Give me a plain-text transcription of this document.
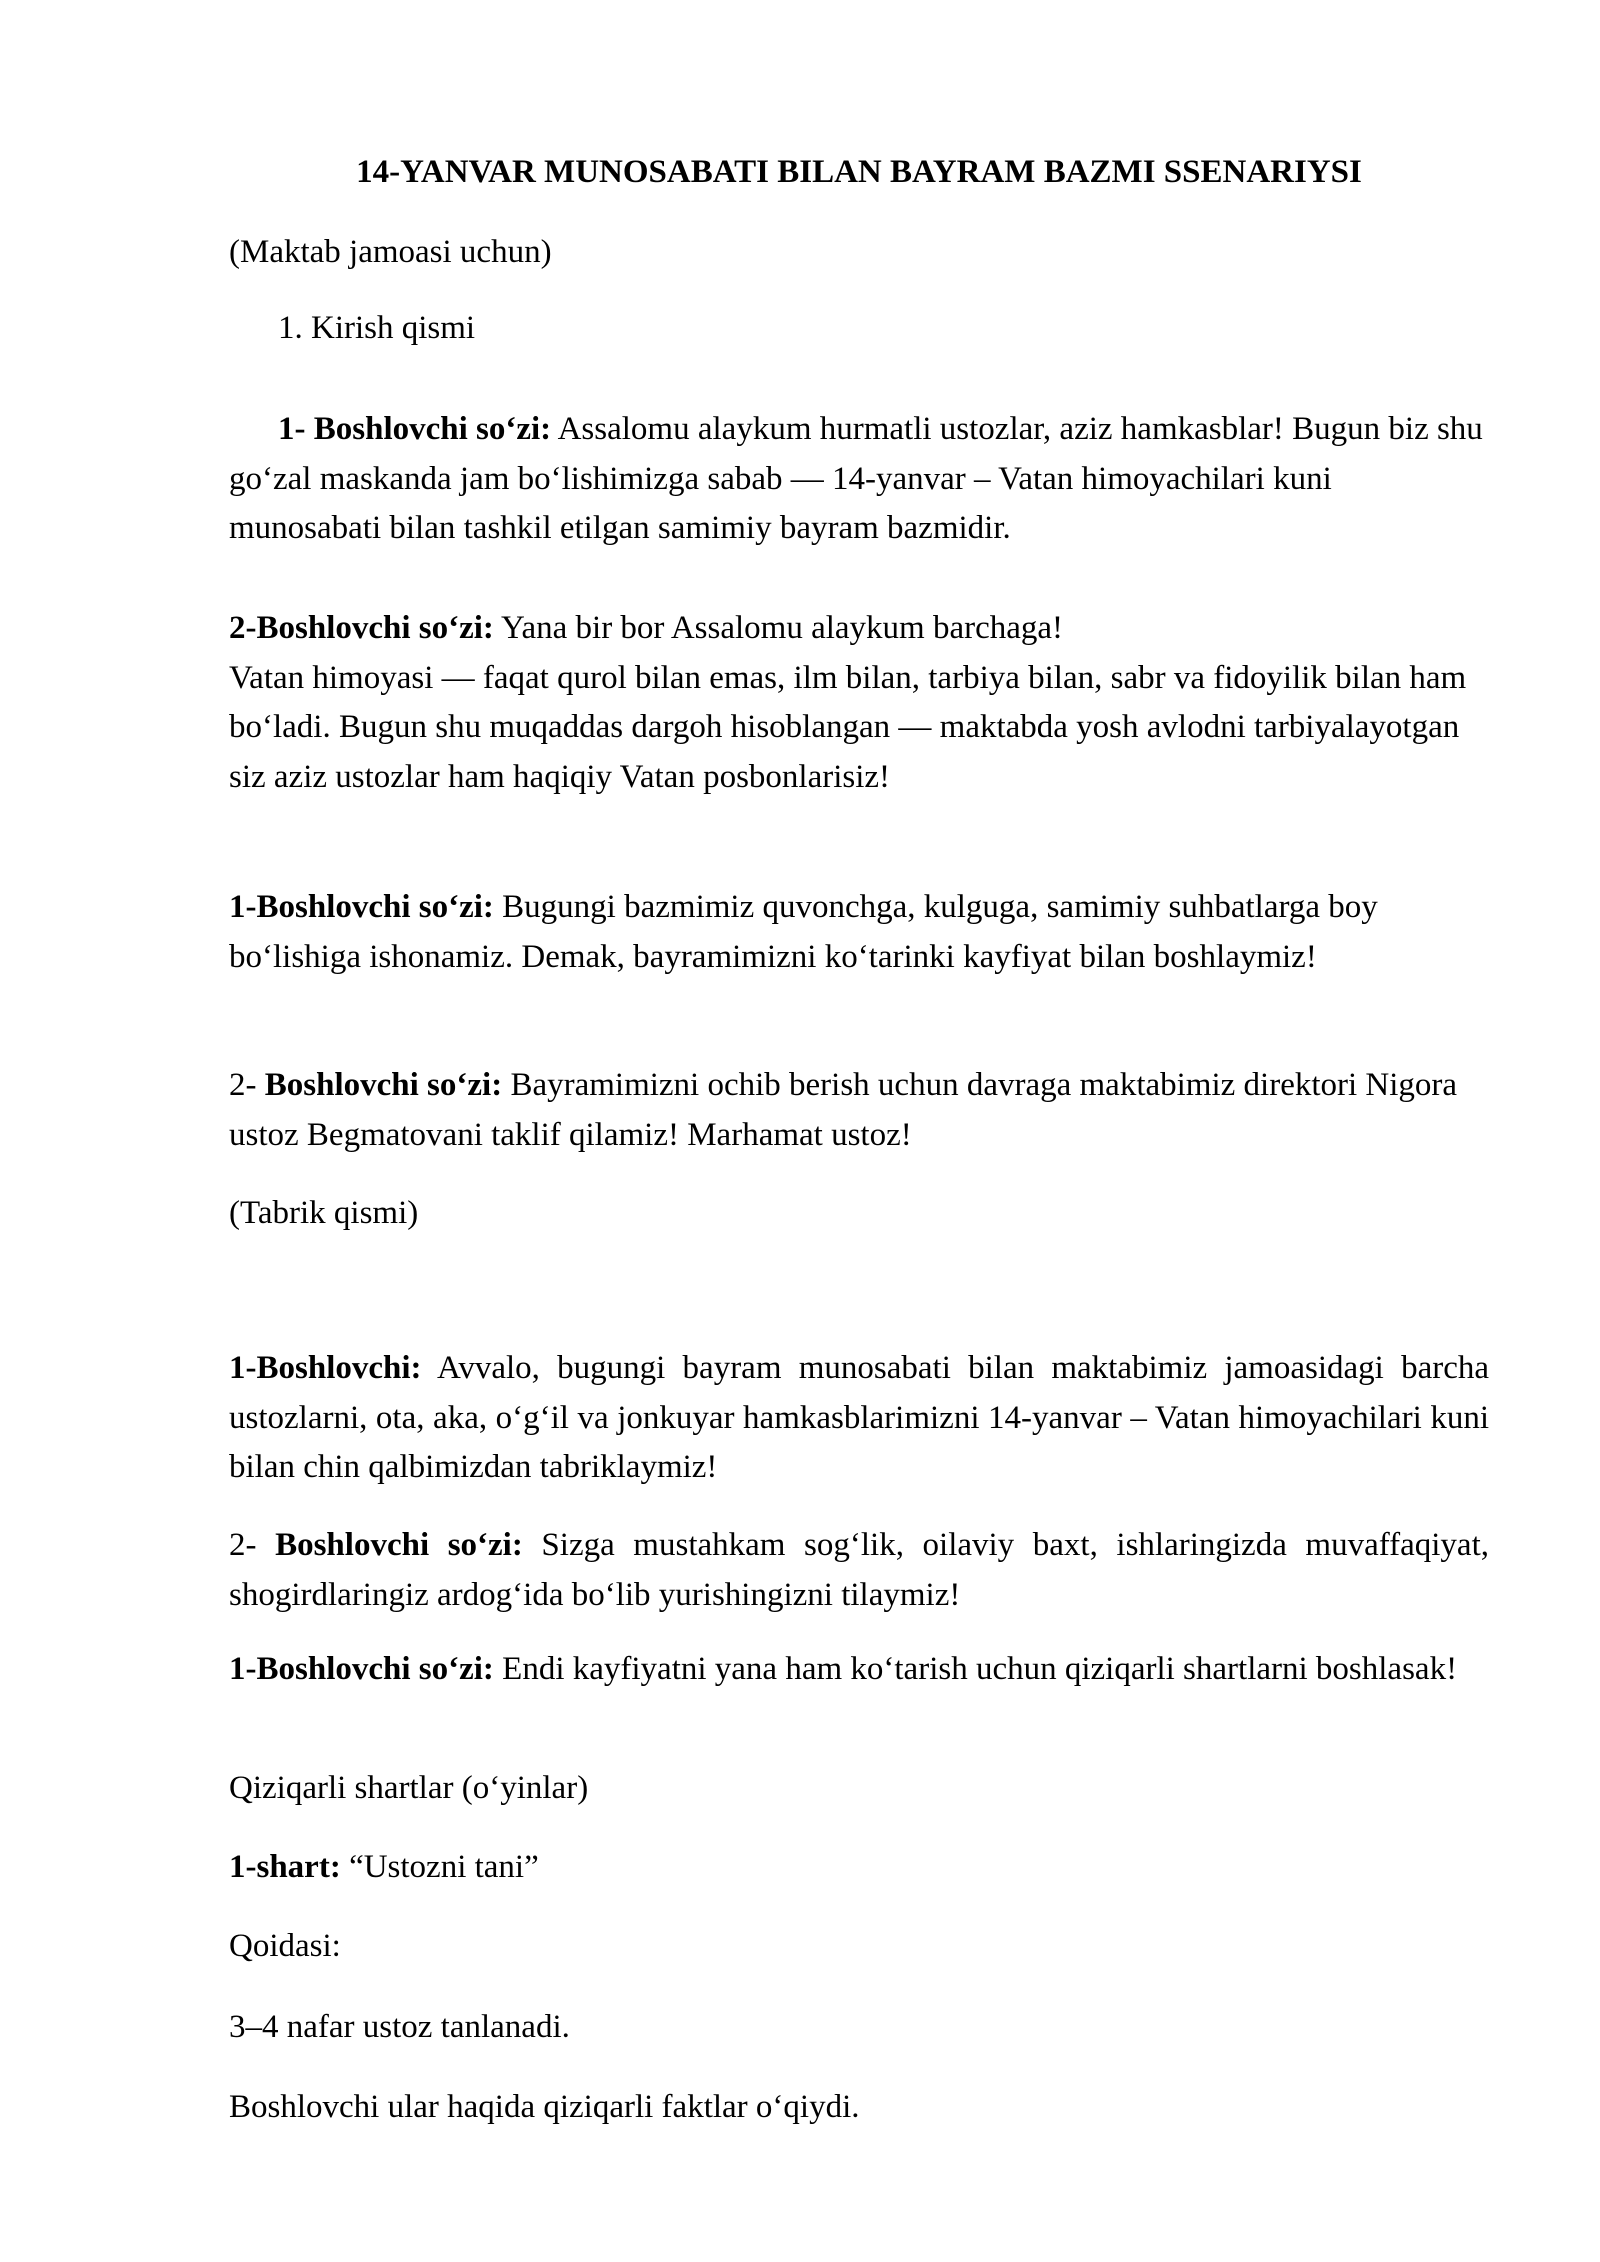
14-YANVAR MUNOSABATI BILAN BAYRAM BAZMI SSENARIYSI

(Maktab jamoasi uchun)

1. Kirish qismi

1- Boshlovchi so‘zi: Assalomu alaykum hurmatli ustozlar, aziz hamkasblar! Bugun biz shu go‘zal maskanda jam bo‘lishimizga sabab — 14-yanvar – Vatan himoyachilari kuni munosabati bilan tashkil etilgan samimiy bayram bazmidir.

2-Boshlovchi so‘zi: Yana bir bor Assalomu alaykum barchaga!
Vatan himoyasi — faqat qurol bilan emas, ilm bilan, tarbiya bilan, sabr va fidoyilik bilan ham bo‘ladi. Bugun shu muqaddas dargoh hisoblangan — maktabda yosh avlodni tarbiyalayotgan siz aziz ustozlar ham haqiqiy Vatan posbonlarisiz!

1-Boshlovchi so‘zi: Bugungi bazmimiz quvonchga, kulguga, samimiy suhbatlarga boy bo‘lishiga ishonamiz. Demak, bayramimizni ko‘tarinki kayfiyat bilan boshlaymiz!

2- Boshlovchi so‘zi: Bayramimizni ochib berish uchun davraga maktabimiz direktori Nigora ustoz Begmatovani taklif qilamiz! Marhamat ustoz!

(Tabrik qismi)

1-Boshlovchi: Avvalo, bugungi bayram munosabati bilan maktabimiz jamoasidagi barcha ustozlarni, ota, aka, o‘g‘il va jonkuyar hamkasblarimizni 14-yanvar – Vatan himoyachilari kuni bilan chin qalbimizdan tabriklaymiz!

2- Boshlovchi so‘zi: Sizga mustahkam sog‘lik, oilaviy baxt, ishlaringizda muvaffaqiyat, shogirdlaringiz ardog‘ida bo‘lib yurishingizni tilaymiz!

1-Boshlovchi so‘zi: Endi kayfiyatni yana ham ko‘tarish uchun qiziqarli shartlarni boshlasak!

Qiziqarli shartlar (o‘yinlar)

1-shart: “Ustozni tani”

Qoidasi:

3–4 nafar ustoz tanlanadi.

Boshlovchi ular haqida qiziqarli faktlar o‘qiydi.
